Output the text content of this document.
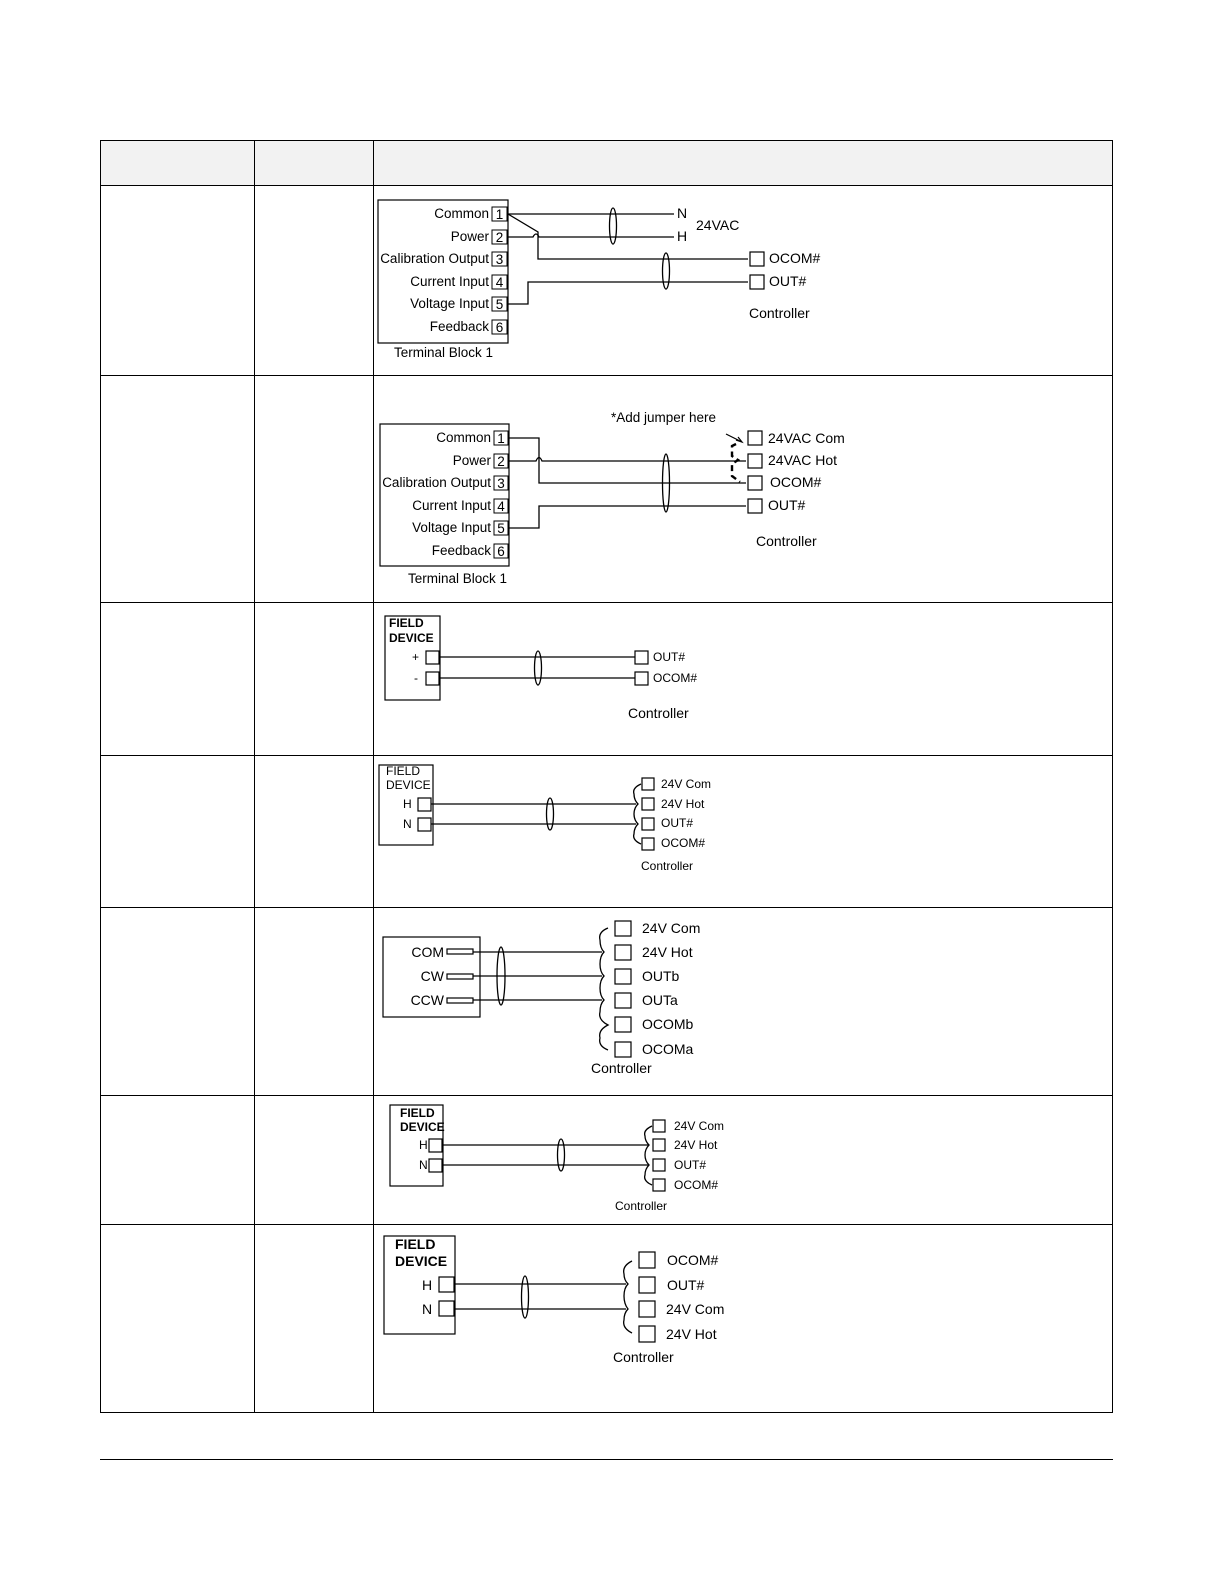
Common
Power
Calibration Output
Current Input
Voltage Input
Feedback
1
2
3
4
5
6
Terminal Block 1
N
H
24VAC
OCOM#
OUT#
Controller
Common
Power
Calibration Output
Current Input
Voltage Input
Feedback
1
2
3
4
5
6
Terminal Block 1
*Add jumper here
24VAC Com
24VAC Hot
OCOM#
OUT#
Controller
FIELD
DEVICE
+
-
OUT#
OCOM#
Controller
FIELD
DEVICE
H
N
24V Com
24V Hot
OUT#
OCOM#
Controller
COM
CW
CCW
24V Com
24V Hot
OUTb
OUTa
OCOMb
OCOMa
Controller
FIELD
DEVICE
H
N
24V Com
24V Hot
OUT#
OCOM#
Controller
FIELD
DEVICE
H
N
OCOM#
OUT#
24V Com
24V Hot
Controller
